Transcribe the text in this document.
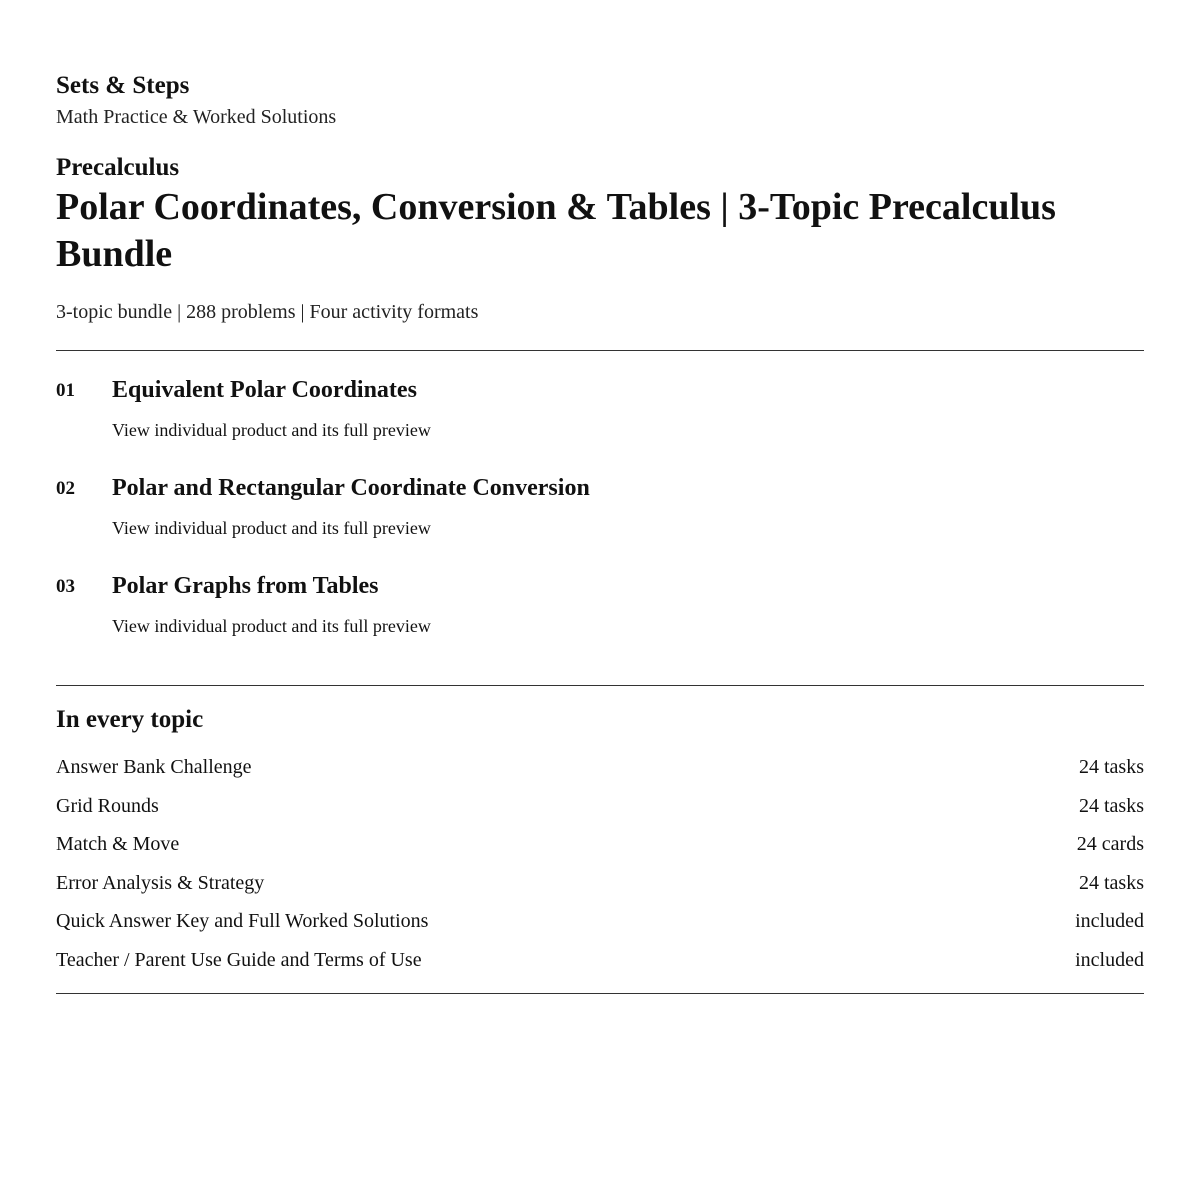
Sets & Steps
Math Practice & Worked Solutions
Precalculus
Polar Coordinates, Conversion & Tables | 3-Topic Precalculus Bundle
3-topic bundle | 288 problems | Four activity formats
01 Equivalent Polar Coordinates
View individual product and its full preview
02 Polar and Rectangular Coordinate Conversion
View individual product and its full preview
03 Polar Graphs from Tables
View individual product and its full preview
In every topic
Answer Bank Challenge	24 tasks
Grid Rounds	24 tasks
Match & Move	24 cards
Error Analysis & Strategy	24 tasks
Quick Answer Key and Full Worked Solutions	included
Teacher / Parent Use Guide and Terms of Use	included
